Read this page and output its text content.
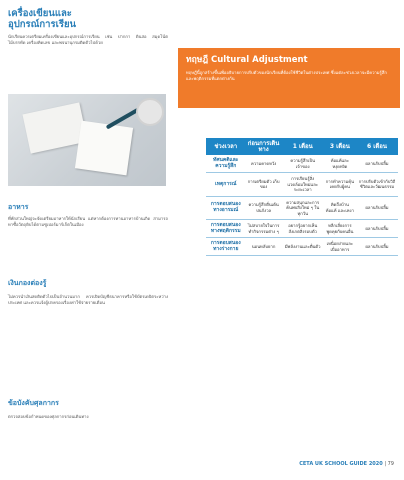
เครื่องเขียนและ
อุปกรณ์การเรียน
นักเรียนควรเตรียมเครื่องเขียนและอุปกรณ์การเรียน เช่น ปากกา ดินสอ สมุดโน้ต ไม้บรรทัด เครื่องคิดเลข และพจนานุกรมติดตัวไปด้วย
อาหาร
ที่พักส่วนใหญ่จะจัดเตรียมอาหารให้นักเรียน แต่หากต้องการทานอาหารบ้านเกิด สามารถหาซื้อวัตถุดิบได้ตามซูเปอร์มาร์เก็ตในเมือง
เงินกองต่องรู้
ไม่ควรนำเงินสดติดตัวไปเป็นจำนวนมาก ควรเปิดบัญชีธนาคารหรือใช้บัตรเดบิตระหว่างประเทศ และควรแจ้งผู้ปกครองเรื่องค่าใช้จ่ายรายเดือน
ข้อบังคับศุลกากร
ตรวจสอบข้อกำหนดของศุลกากรก่อนเดินทาง
ทฤษฎี Cultural Adjustment
ทฤษฎีนี้ถูกสร้างขึ้นเพื่ออธิบายการปรับตัวของนักเรียนที่ต้องใช้ชีวิตในต่างประเทศ ซึ่งแต่ละช่วงเวลาจะมีความรู้สึกและพฤติกรรมที่แตกต่างกัน
ช่วงเวลา	ก่อนการเดินทาง	1 เดือน	3 เดือน	6 เดือน
ทัศนคติและความรู้สึก	ความคาดหวัง	ความรู้สึกเป็นเจ้าของ	ท้อแท้และหงุดหงิด	ผลานรับปลื้ม
เหตุการณ์	การเตรียมตัว เก็บของ	การเรียนรู้สิ่งแวดล้อมใหม่และระยะเวลา	การทำความคุ้นเคยกับผู้คน	การปรับตัวเข้ากับวิถีชีวิตและวัฒนธรรม
การตอบสนองทางอารมณ์	ความรู้สึกตื่นเต้นปนกังวล	ความสนุกและการค้นพบสิ่งใหม่ ๆ ในทุกวัน	คิดถึงบ้าน ท้อแท้ และเหงา	ผลานรับปลื้ม
การตอบสนองทางพฤติกรรม	ไม่สบายใจในการทำกิจกรรมต่าง ๆ	อยากรู้อยากเห็น สังเกตสิ่งรอบตัว	หลีกเลี่ยงการพูดคุยกับคนอื่น	ผลานรับปลื้ม
การตอบสนองทางร่างกาย	นอนหลับยาก	มีพลังงานและตื่นตัว	เหนื่อยง่ายและเบื่ออาหาร	ผลานรับปลื้ม
CETA UK SCHOOL GUIDE 2020 | 79
